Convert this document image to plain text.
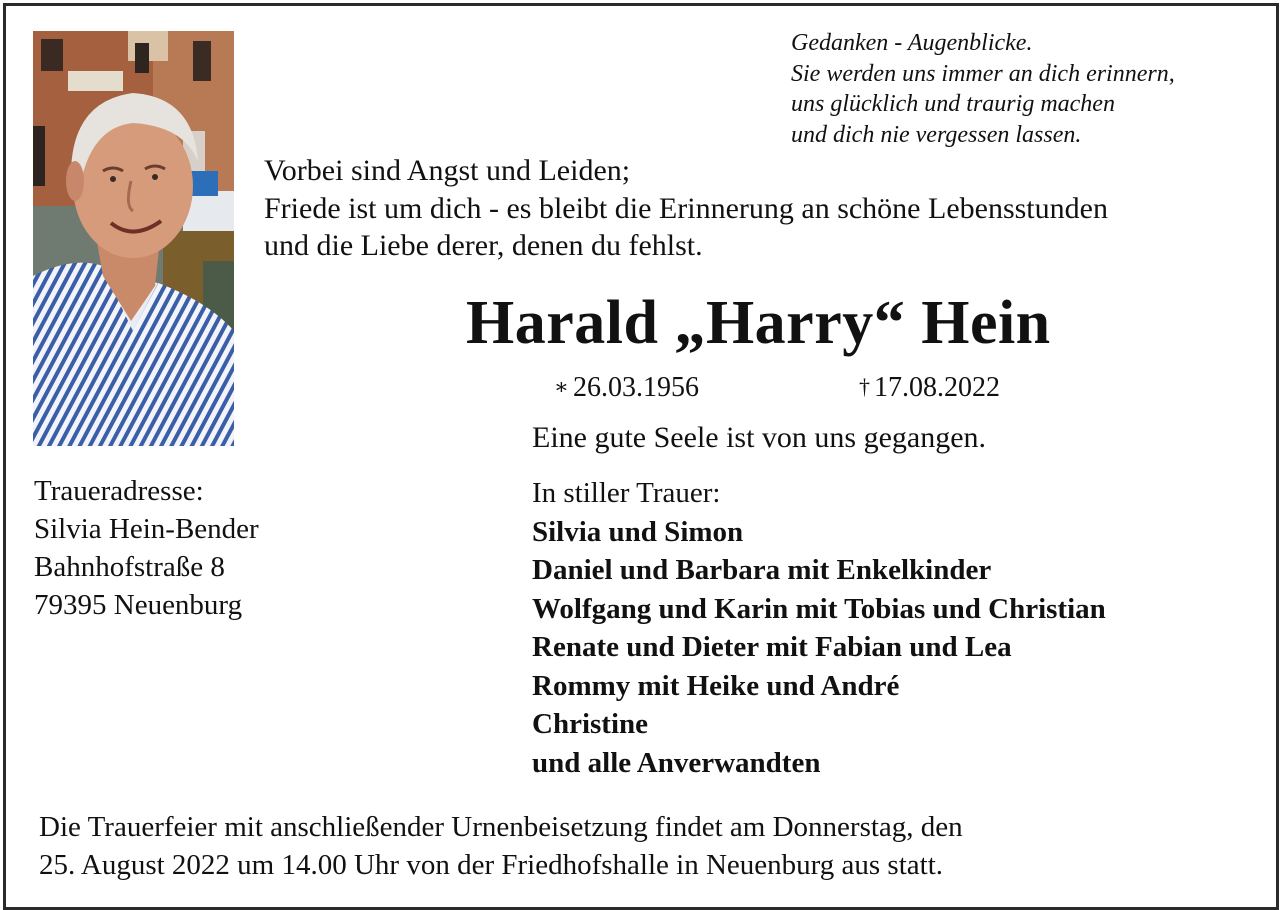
Gedanken - Augenblicke.
Sie werden uns immer an dich erinnern,
uns glücklich und traurig machen
und dich nie vergessen lassen.
Vorbei sind Angst und Leiden;
Friede ist um dich - es bleibt die Erinnerung an schöne Lebensstunden
und die Liebe derer, denen du fehlst.
Harald „Harry“ Hein
∗ 26.03.1956	† 17.08.2022
Eine gute Seele ist von uns gegangen.
Traueradresse:
Silvia Hein-Bender
Bahnhofstraße 8
79395 Neuenburg
In stiller Trauer:
Silvia und Simon
Daniel und Barbara mit Enkelkinder
Wolfgang und Karin mit Tobias und Christian
Renate und Dieter mit Fabian und Lea
Rommy mit Heike und André
Christine
und alle Anverwandten
Die Trauerfeier mit anschließender Urnenbeisetzung findet am Donnerstag, den
25. August 2022 um 14.00 Uhr von der Friedhofshalle in Neuenburg aus statt.
